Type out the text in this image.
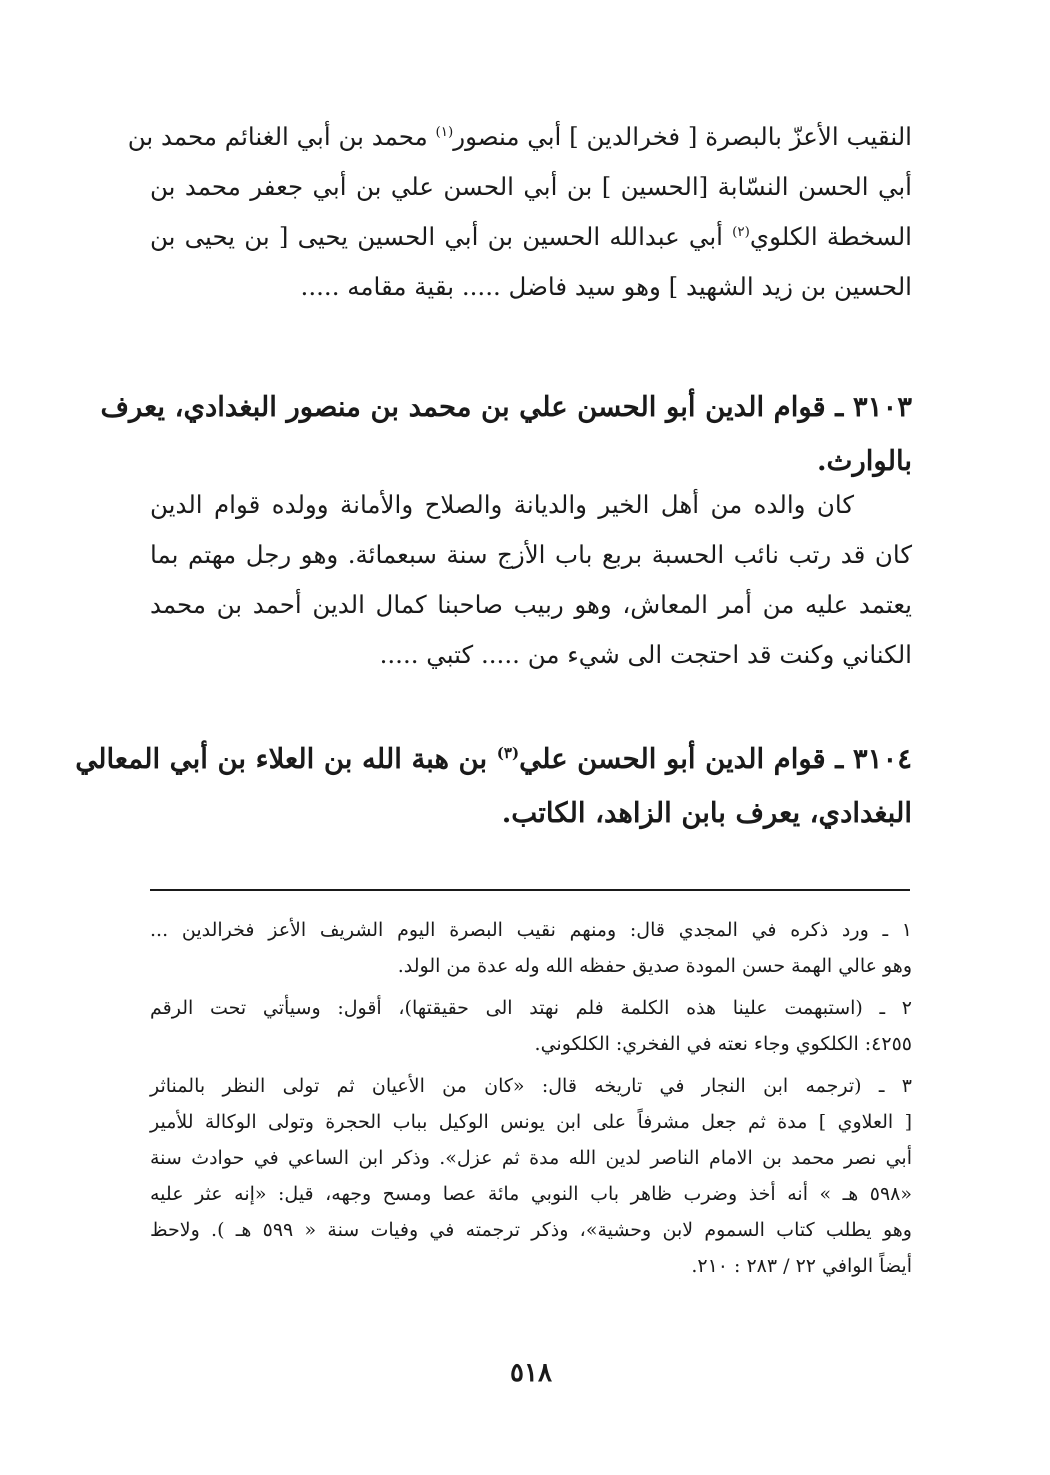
النقيب الأعزّ بالبصرة [ فخرالدين ] أبي منصور$^{(١)}$ محمد بن أبي الغنائم محمد بن
أبي الحسن النسّابة [الحسين ] بن أبي الحسن علي بن أبي جعفر محمد بن
السخطة الكلوي$^{(٢)}$ أبي عبدالله الحسين بن أبي الحسين يحيى [ بن يحيى بن
الحسين بن زيد الشهيد ] وهو سيد فاضل ..... بقية مقامه .....
٣١٠٣ ـ قوام الدين أبو الحسن علي بن محمد بن منصور البغدادي، يعرف
بالوارث.
كان والده من أهل الخير والديانة والصلاح والأمانة وولده قوام الدين
كان قد رتب نائب الحسبة بربع باب الأزج سنة سبعمائة. وهو رجل مهتم بما
يعتمد عليه من أمر المعاش، وهو ربيب صاحبنا كمال الدين أحمد بن محمد
الكناني وكنت قد احتجت الى شيء من ..... كتبي .....
٣١٠٤ ـ قوام الدين أبو الحسن علي$^{(٣)}$ بن هبة الله بن العلاء بن أبي المعالي
البغدادي، يعرف بابن الزاهد، الكاتب.
١ ـ ورد ذكره في المجدي قال: ومنهم نقيب البصرة اليوم الشريف الأعز فخرالدين ...
وهو عالي الهمة حسن المودة صديق حفظه الله وله عدة من الولد.
٢ ـ (استبهمت علينا هذه الكلمة فلم نهتد الى حقيقتها)، أقول: وسيأتي تحت الرقم
٤٢٥٥: الكلكوي وجاء نعته في الفخري: الكلكوني.
٣ ـ (ترجمه ابن النجار في تاريخه قال: «كان من الأعيان ثم تولى النظر بالمناثر
[ العلاوي ] مدة ثم جعل مشرفاً على ابن يونس الوكيل بباب الحجرة وتولى الوكالة للأمير
أبي نصر محمد بن الامام الناصر لدين الله مدة ثم عزل». وذكر ابن الساعي في حوادث سنة
«٥٩٨ هـ » أنه أخذ وضرب ظاهر باب النوبي مائة عصا ومسح وجهه، قيل: «إنه عثر عليه
وهو يطلب كتاب السموم لابن وحشية»، وذكر ترجمته في وفيات سنة « ٥٩٩ هـ ). ولاحظ
أيضاً الوافي ٢٢ / ٢٨٣ : ٢١٠.
٥١٨
